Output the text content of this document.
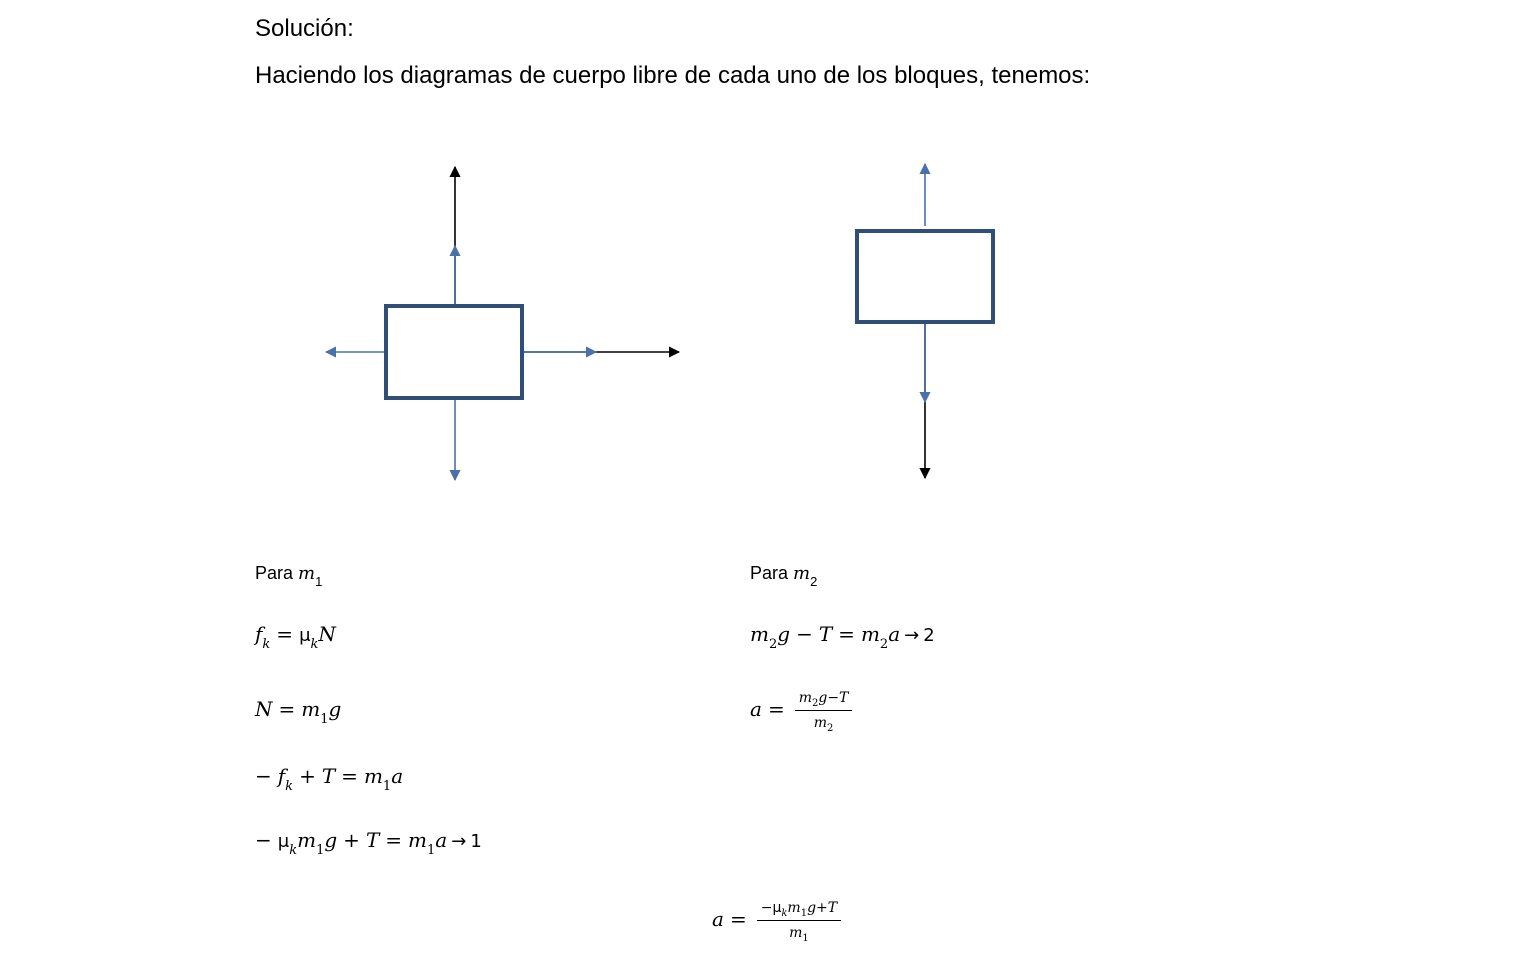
Solución:
Haciendo los diagramas de cuerpo libre de cada uno de los bloques, tenemos:
Para $m_1$
$f_k = \mu_kN$
$N = m_1g$
− $f_k + T = m_1a$
− $\mu_km_1g + T = m_1a \to 1$
Para $m_2$
$m_2g - T = m_2a \to 2$
$a = \frac{m_2g-T}{m_2}$
$a = \frac{-\mu_km_1g+T}{m_1}$
